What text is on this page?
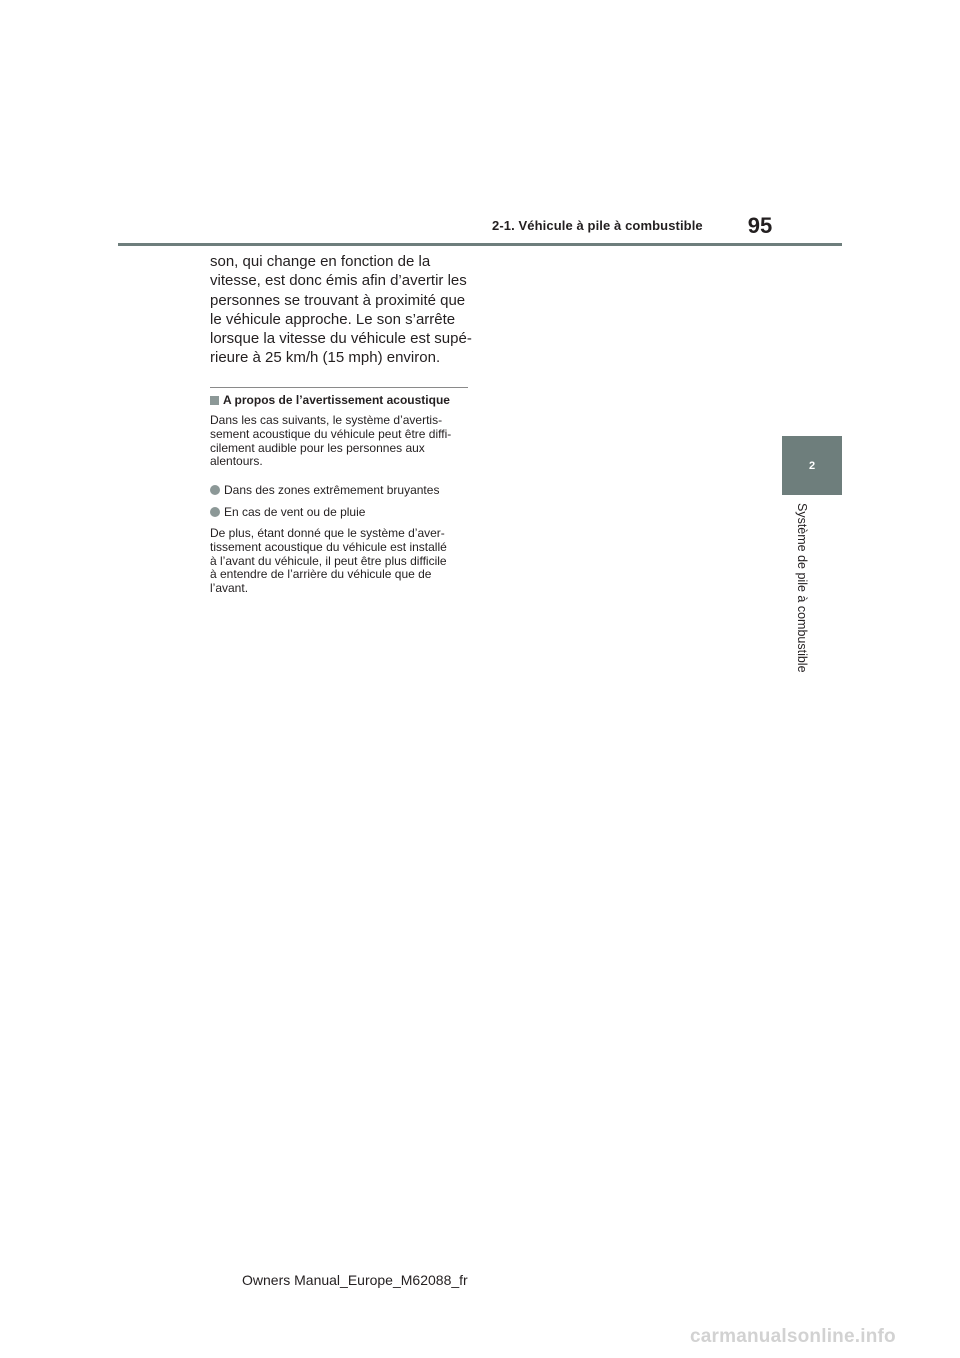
2-1. Véhicule à pile à combustible 95
2
Système de pile à combustible
son, qui change en fonction de la
vitesse, est donc émis afin d’avertir les
personnes se trouvant à proximité que
le véhicule approche. Le son s’arrête
lorsque la vitesse du véhicule est supé-
rieure à 25 km/h (15 mph) environ.
A propos de l’avertissement acoustique
Dans les cas suivants, le système d’avertis-
sement acoustique du véhicule peut être diffi-
cilement audible pour les personnes aux
alentours.
Dans des zones extrêmement bruyantes
En cas de vent ou de pluie
De plus, étant donné que le système d’aver-
tissement acoustique du véhicule est installé
à l’avant du véhicule, il peut être plus difficile
à entendre de l’arrière du véhicule que de
l’avant.
Owners Manual_Europe_M62088_fr
carmanualsonline.info
